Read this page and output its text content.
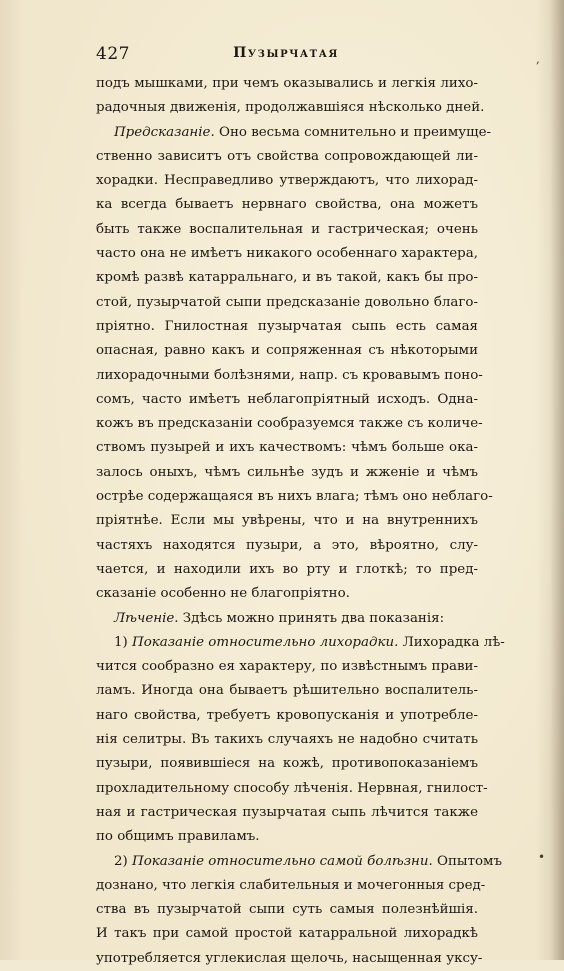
427	Пузырчатая
подъ мышками, при чемъ оказывались и легкія лихо-
радочныя движенія, продолжавшіяся нѣсколько дней.
Предсказаніе. Оно весьма сомнительно и преимуще-
ственно зависитъ отъ свойства сопровождающей ли-
хорадки. Несправедливо утверждаютъ, что лихорад-
ка всегда бываетъ нервнаго свойства, она можетъ
быть также воспалительная и гастрическая; очень
часто она не имѣетъ никакого особеннаго характера,
кромѣ развѣ катарральнаго, и въ такой, какъ бы про-
стой, пузырчатой сыпи предсказаніе довольно благо-
пріятно. Гнилостная пузырчатая сыпь есть самая
опасная, равно какъ и сопряженная съ нѣкоторыми
лихорадочными болѣзнями, напр. съ кровавымъ поно-
сомъ, часто имѣетъ неблагопріятный исходъ. Одна-
кожъ въ предсказаніи сообразуемся также съ количе-
ствомъ пузырей и ихъ качествомъ: чѣмъ больше ока-
залось оныхъ, чѣмъ сильнѣе зудъ и жженіе и чѣмъ
острѣе содержащаяся въ нихъ влага; тѣмъ оно неблаго-
пріятнѣе. Если мы увѣрены, что и на внутреннихъ
частяхъ находятся пузыри, а это, вѣроятно, слу-
чается, и находили ихъ во рту и глоткѣ; то пред-
сказаніе особенно не благопріятно.
Лѣченіе. Здѣсь можно принять два показанія:
1) Показаніе относительно лихорадки. Лихорадка лѣ-
чится сообразно ея характеру, по извѣстнымъ прави-
ламъ. Иногда она бываетъ рѣшительно воспалитель-
наго свойства, требуетъ кровопусканія и употребле-
нія селитры. Въ такихъ случаяхъ не надобно считать
пузыри, появившіеся на кожѣ, противопоказаніемъ
прохладительному способу лѣченія. Нервная, гнилост-
ная и гастрическая пузырчатая сыпь лѣчится также
по общимъ правиламъ.
2) Показаніе относительно самой болѣзни. Опытомъ
дознано, что легкія слабительныя и мочегонныя сред-
ства въ пузырчатой сыпи суть самыя полезнѣйшія.
И такъ при самой простой катарральной лихорадкѣ
употребляется углекислая щелочь, насыщенная уксу-
,
•
